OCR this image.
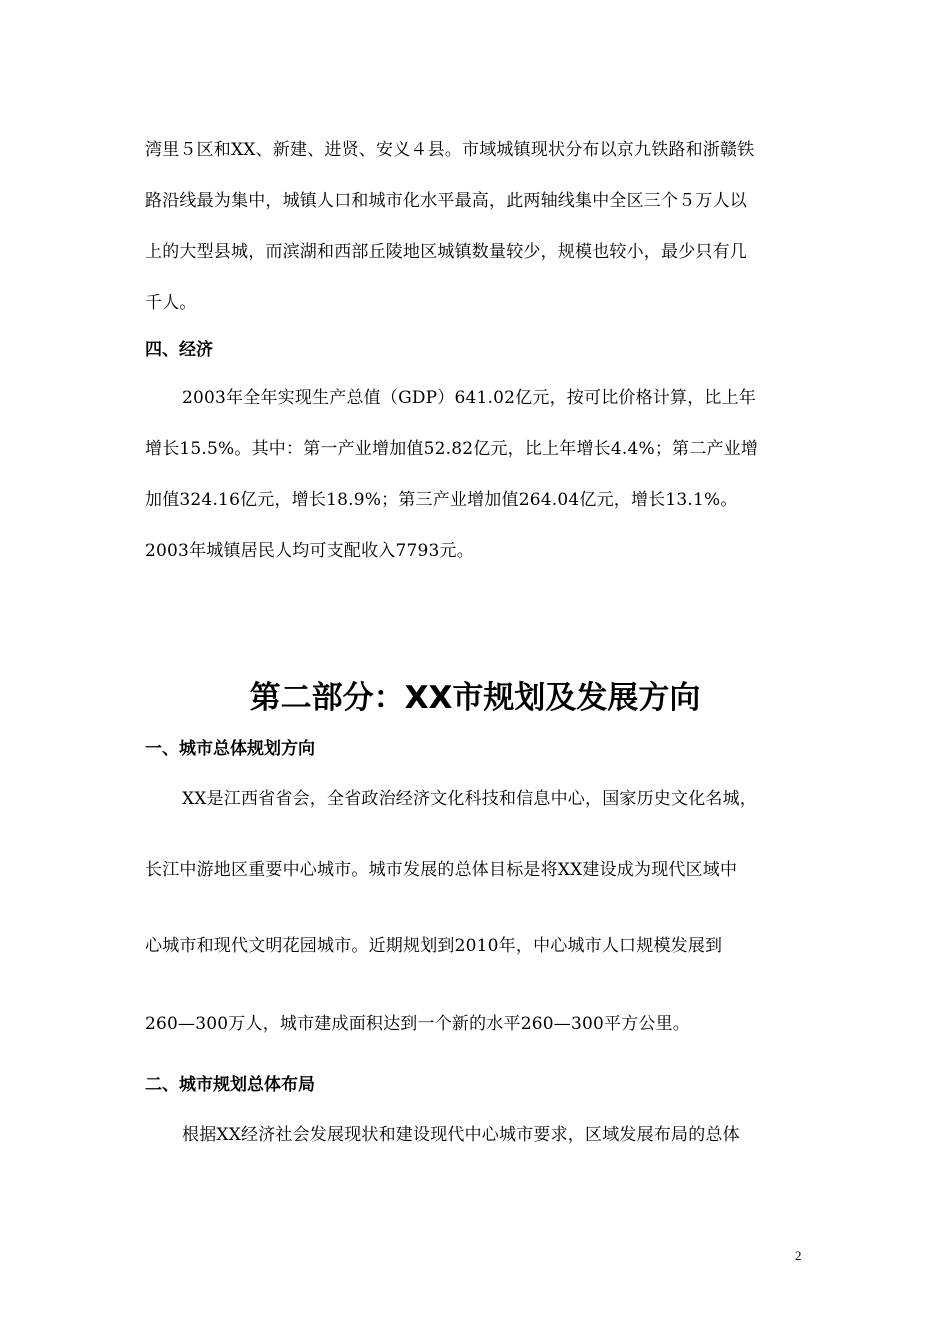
湾里５区和XX、新建、进贤、安义４县。市域城镇现状分布以京九铁路和浙赣铁
路沿线最为集中，城镇人口和城市化水平最高，此两轴线集中全区三个５万人以
上的大型县城，而滨湖和西部丘陵地区城镇数量较少，规模也较小，最少只有几
千人。
四、经济
2003年全年实现生产总值（GDP）641.02亿元，按可比价格计算，比上年
增长15.5%。其中：第一产业增加值52.82亿元，比上年增长4.4%；第二产业增
加值324.16亿元，增长18.9%；第三产业增加值264.04亿元，增长13.1%。
2003年城镇居民人均可支配收入7793元。
第二部分：XX市规划及发展方向
一、城市总体规划方向
XX是江西省省会，全省政治经济文化科技和信息中心，国家历史文化名城，
长江中游地区重要中心城市。城市发展的总体目标是将XX建设成为现代区域中
心城市和现代文明花园城市。近期规划到2010年，中心城市人口规模发展到
260—300万人，城市建成面积达到一个新的水平260—300平方公里。
二、城市规划总体布局
根据XX经济社会发展现状和建设现代中心城市要求，区域发展布局的总体
2
